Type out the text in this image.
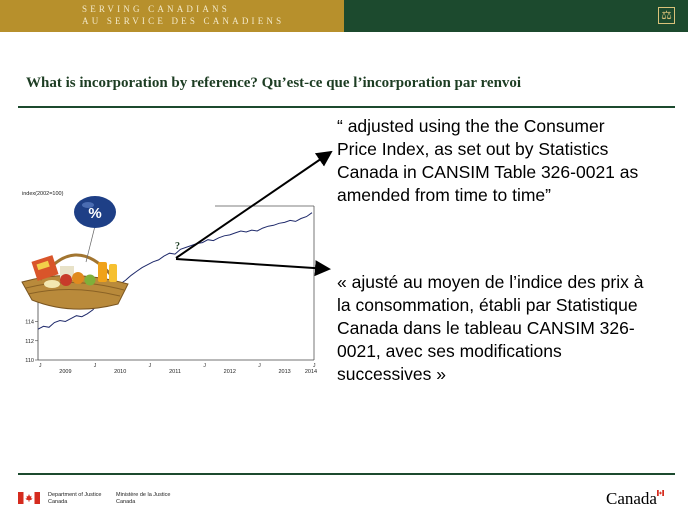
SERVING CANADIANS
AU SERVICE DES CANADIENS	⚖
What is incorporation by reference? Qu’est-ce que l’incorporation par renvoi
index(2002=100)
110
112
114
J	J	J	J	J	J
2009	2010	2011	2012	2013	2014
%
?
“ adjusted using the the Consumer Price Index, as set out by Statistics Canada in CANSIM Table 326-0021 as amended from time to time”
« ajusté au moyen de l’indice des prix à la consommation, établi par Statistique Canada dans le tableau CANSIM 326-0021, avec ses modifications successives »
Department of Justice
Canada
Ministère de la Justice
Canada	Canada
